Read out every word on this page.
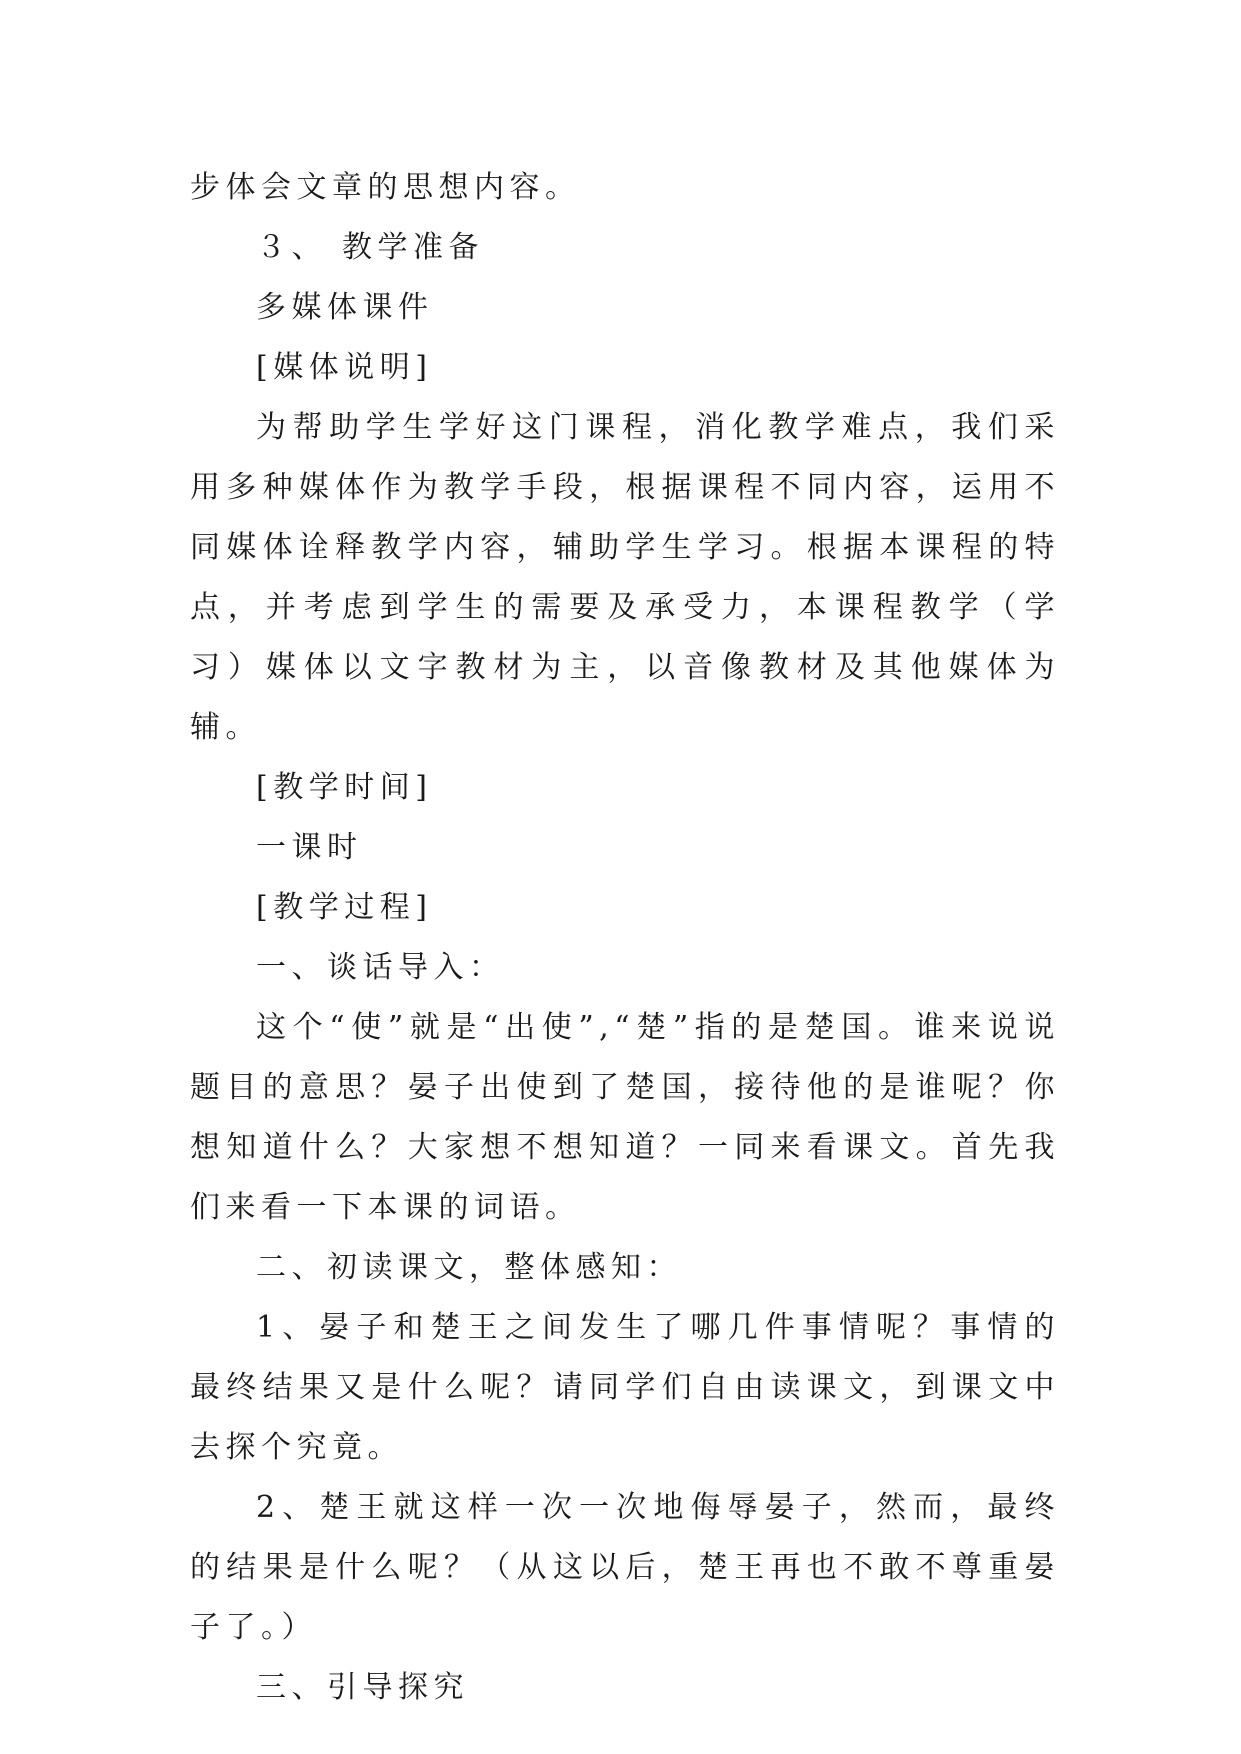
步体会文章的思想内容。

３、 教学准备

多媒体课件

[媒体说明]

为帮助学生学好这门课程，消化教学难点，我们采用多种媒体作为教学手段，根据课程不同内容，运用不同媒体诠释教学内容，辅助学生学习。根据本课程的特点，并考虑到学生的需要及承受力，本课程教学（学习）媒体以文字教材为主，以音像教材及其他媒体为辅。

[教学时间]

一课时

[教学过程]

一、谈话导入：

这个“使”就是“出使”,“楚”指的是楚国。谁来说说题目的意思？晏子出使到了楚国，接待他的是谁呢？你想知道什么？大家想不想知道？一同来看课文。首先我们来看一下本课的词语。

二、初读课文，整体感知：

1、晏子和楚王之间发生了哪几件事情呢？事情的最终结果又是什么呢？请同学们自由读课文，到课文中去探个究竟。

2、楚王就这样一次一次地侮辱晏子，然而，最终的结果是什么呢？（从这以后，楚王再也不敢不尊重晏子了。）

三、引导探究
